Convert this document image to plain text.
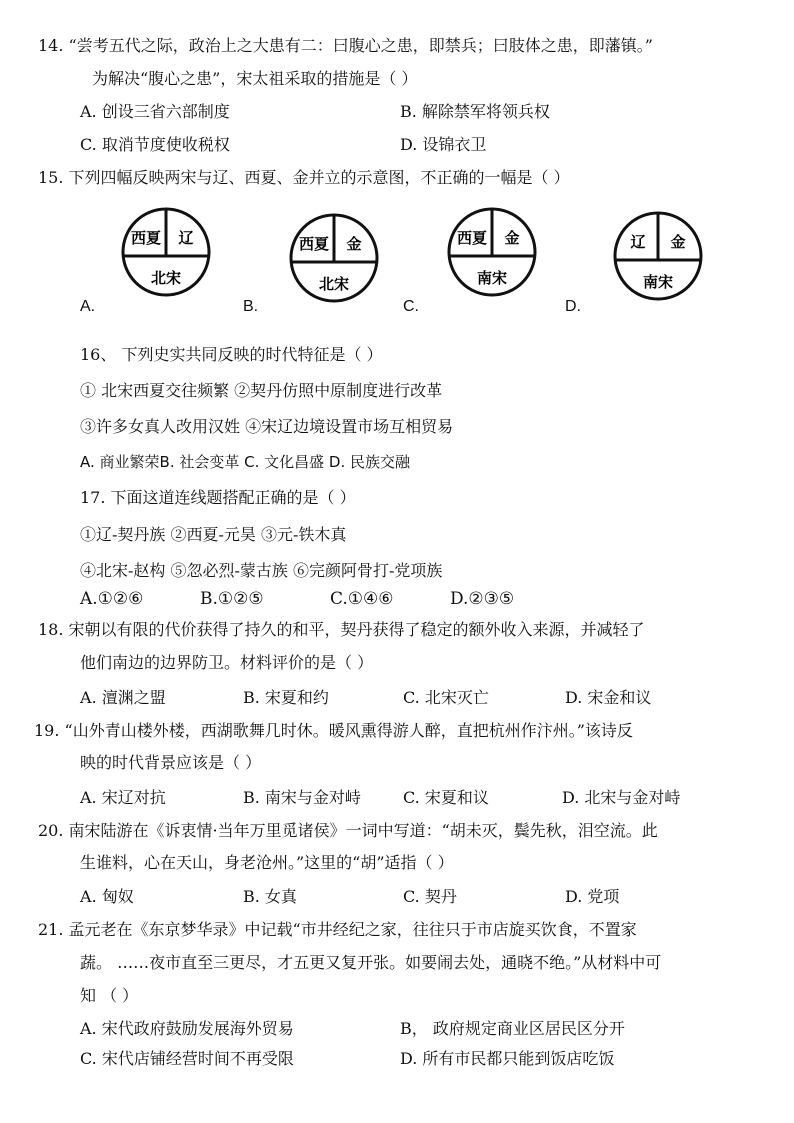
14. “尝考五代之际，政治上之大患有二：曰腹心之患，即禁兵；曰肢体之患，即藩镇。”
为解决“腹心之患”，宋太祖采取的措施是（ ）
A. 创设三省六部制度	B. 解除禁军将领兵权
C. 取消节度使收税权	D. 设锦衣卫
15. 下列四幅反映两宋与辽、西夏、金并立的示意图，不正确的一幅是（ ）
西夏 辽
北宋
A.
西夏 金
北宋
B.
西夏 金
南宋
C.
辽 金
南宋
D.
16、 下列史实共同反映的时代特征是（ ）
① 北宋西夏交往频繁 ②契丹仿照中原制度进行改革
③许多女真人改用汉姓 ④宋辽边境设置市场互相贸易
A. 商业繁荣B. 社会变革 C. 文化昌盛 D. 民族交融
17. 下面这道连线题搭配正确的是（ ）
①辽-契丹族 ②西夏-元昊 ③元-铁木真
④北宋-赵构 ⑤忽必烈-蒙古族 ⑥完颜阿骨打-党项族
A.①②⑥	B.①②⑤	C.①④⑥	D.②③⑤
18. 宋朝以有限的代价获得了持久的和平，契丹获得了稳定的额外收入来源，并减轻了
他们南边的边界防卫。材料评价的是（ ）
A. 澶渊之盟	B. 宋夏和约	C. 北宋灭亡	D. 宋金和议
19. “山外青山楼外楼，西湖歌舞几时休。暖风熏得游人醉，直把杭州作汴州。”该诗反
映的时代背景应该是（ ）
A. 宋辽对抗	B. 南宋与金对峙	C. 宋夏和议	D. 北宋与金对峙
20. 南宋陆游在《诉衷情·当年万里觅诸侯》一词中写道：“胡未灭，鬓先秋，泪空流。此
生谁料，心在天山，身老沧州。”这里的“胡”适指（ ）
A. 匈奴	B. 女真	C. 契丹	D. 党项
21. 孟元老在《东京梦华录》中记载“市井经纪之家，往往只于市店旋买饮食，不置家
蔬。 ……夜市直至三更尽，才五更又复开张。如要闹去处，通晓不绝。”从材料中可
知 （ ）
A. 宋代政府鼓励发展海外贸易	B， 政府规定商业区居民区分开
C. 宋代店铺经营时间不再受限	D. 所有市民都只能到饭店吃饭
